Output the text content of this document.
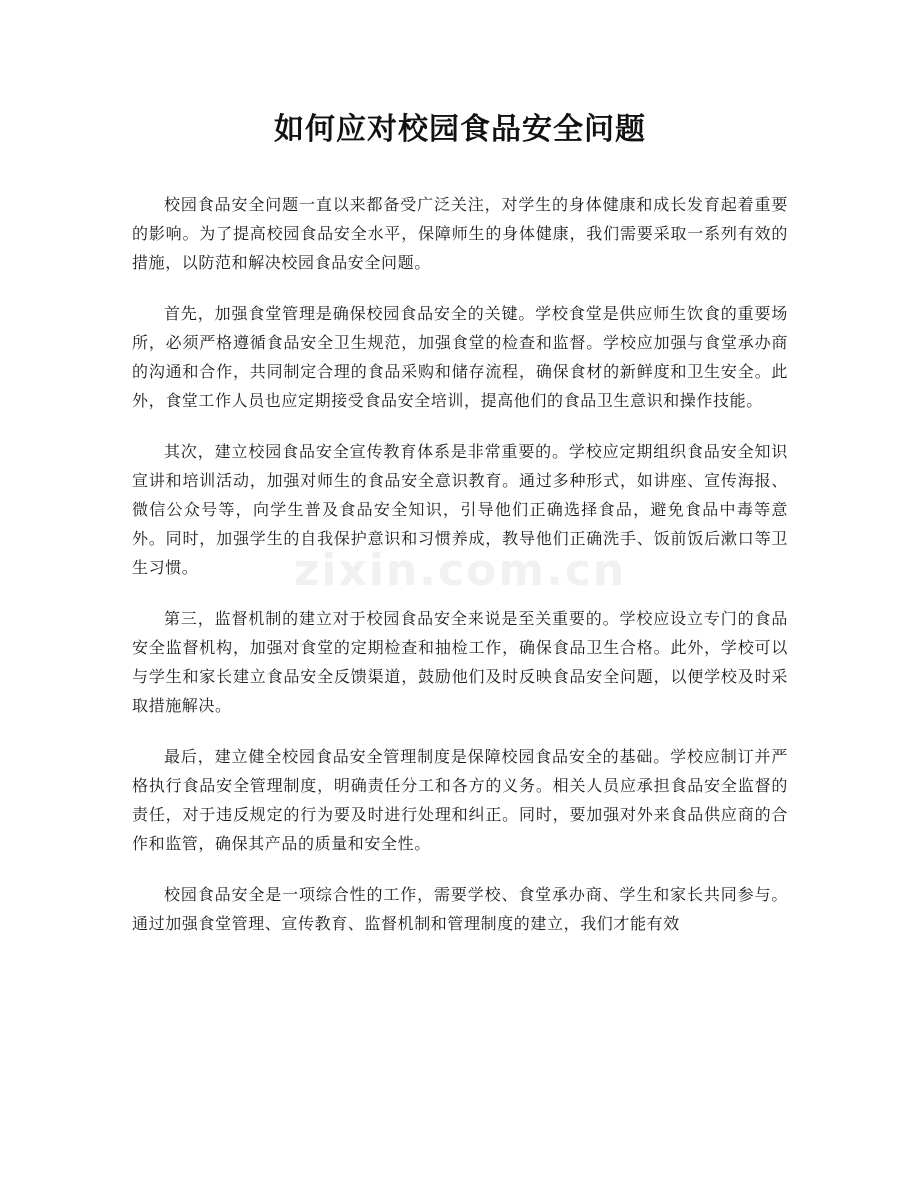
如何应对校园食品安全问题

校园食品安全问题一直以来都备受广泛关注，对学生的身体健康和成长发育起着重要的影响。为了提高校园食品安全水平，保障师生的身体健康，我们需要采取一系列有效的措施，以防范和解决校园食品安全问题。

首先，加强食堂管理是确保校园食品安全的关键。学校食堂是供应师生饮食的重要场所，必须严格遵循食品安全卫生规范，加强食堂的检查和监督。学校应加强与食堂承办商的沟通和合作，共同制定合理的食品采购和储存流程，确保食材的新鲜度和卫生安全。此外，食堂工作人员也应定期接受食品安全培训，提高他们的食品卫生意识和操作技能。

其次，建立校园食品安全宣传教育体系是非常重要的。学校应定期组织食品安全知识宣讲和培训活动，加强对师生的食品安全意识教育。通过多种形式，如讲座、宣传海报、微信公众号等，向学生普及食品安全知识，引导他们正确选择食品，避免食品中毒等意外。同时，加强学生的自我保护意识和习惯养成，教导他们正确洗手、饭前饭后漱口等卫生习惯。

第三，监督机制的建立对于校园食品安全来说是至关重要的。学校应设立专门的食品安全监督机构，加强对食堂的定期检查和抽检工作，确保食品卫生合格。此外，学校可以与学生和家长建立食品安全反馈渠道，鼓励他们及时反映食品安全问题，以便学校及时采取措施解决。

最后，建立健全校园食品安全管理制度是保障校园食品安全的基础。学校应制订并严格执行食品安全管理制度，明确责任分工和各方的义务。相关人员应承担食品安全监督的责任，对于违反规定的行为要及时进行处理和纠正。同时，要加强对外来食品供应商的合作和监管，确保其产品的质量和安全性。

校园食品安全是一项综合性的工作，需要学校、食堂承办商、学生和家长共同参与。通过加强食堂管理、宣传教育、监督机制和管理制度的建立，我们才能有效

zixin.com.cn
